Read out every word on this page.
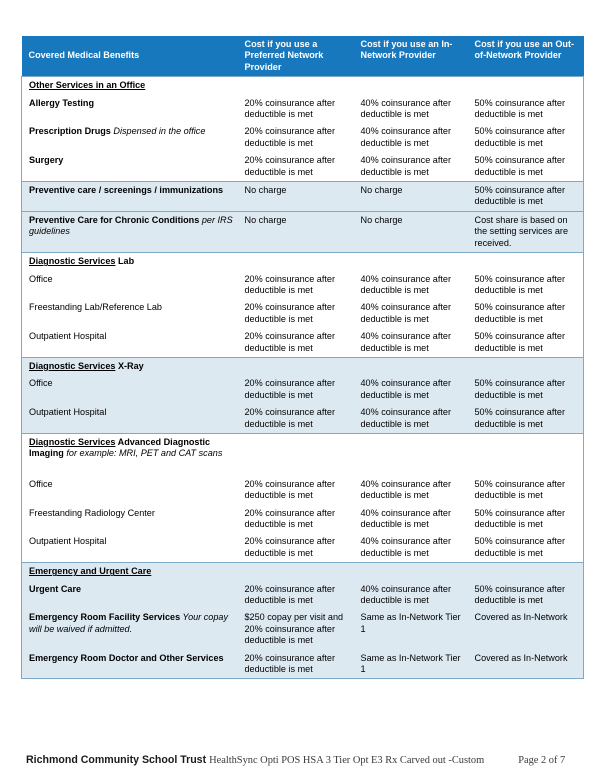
Covered Medical Benefits	Cost if you use a Preferred Network Provider	Cost if you use an In-Network Provider	Cost if you use an Out-of-Network Provider
Other Services in an Office			
Allergy Testing	20% coinsurance after deductible is met	40% coinsurance after deductible is met	50% coinsurance after deductible is met
Prescription Drugs Dispensed in the office	20% coinsurance after deductible is met	40% coinsurance after deductible is met	50% coinsurance after deductible is met
Surgery	20% coinsurance after deductible is met	40% coinsurance after deductible is met	50% coinsurance after deductible is met
Preventive care / screenings / immunizations	No charge	No charge	50% coinsurance after deductible is met
Preventive Care for Chronic Conditions per IRS guidelines	No charge	No charge	Cost share is based on the setting services are received.
Diagnostic Services Lab			
Office	20% coinsurance after deductible is met	40% coinsurance after deductible is met	50% coinsurance after deductible is met
Freestanding Lab/Reference Lab	20% coinsurance after deductible is met	40% coinsurance after deductible is met	50% coinsurance after deductible is met
Outpatient Hospital	20% coinsurance after deductible is met	40% coinsurance after deductible is met	50% coinsurance after deductible is met
Diagnostic Services X-Ray			
Office	20% coinsurance after deductible is met	40% coinsurance after deductible is met	50% coinsurance after deductible is met
Outpatient Hospital	20% coinsurance after deductible is met	40% coinsurance after deductible is met	50% coinsurance after deductible is met
Diagnostic Services Advanced Diagnostic Imaging for example: MRI, PET and CAT scans			

Office	20% coinsurance after deductible is met	40% coinsurance after deductible is met	50% coinsurance after deductible is met
Freestanding Radiology Center	20% coinsurance after deductible is met	40% coinsurance after deductible is met	50% coinsurance after deductible is met
Outpatient Hospital	20% coinsurance after deductible is met	40% coinsurance after deductible is met	50% coinsurance after deductible is met
Emergency and Urgent Care			
Urgent Care	20% coinsurance after deductible is met	40% coinsurance after deductible is met	50% coinsurance after deductible is met
Emergency Room Facility Services Your copay will be waived if admitted.	$250 copay per visit and 20% coinsurance after deductible is met	Same as In-Network Tier 1	Covered as In-Network
Emergency Room Doctor and Other Services	20% coinsurance after deductible is met	Same as In-Network Tier 1	Covered as In-Network
Richmond Community School Trust HealthSync Opti POS HSA 3 Tier Opt E3 Rx Carved out -Custom	Page 2 of 7
